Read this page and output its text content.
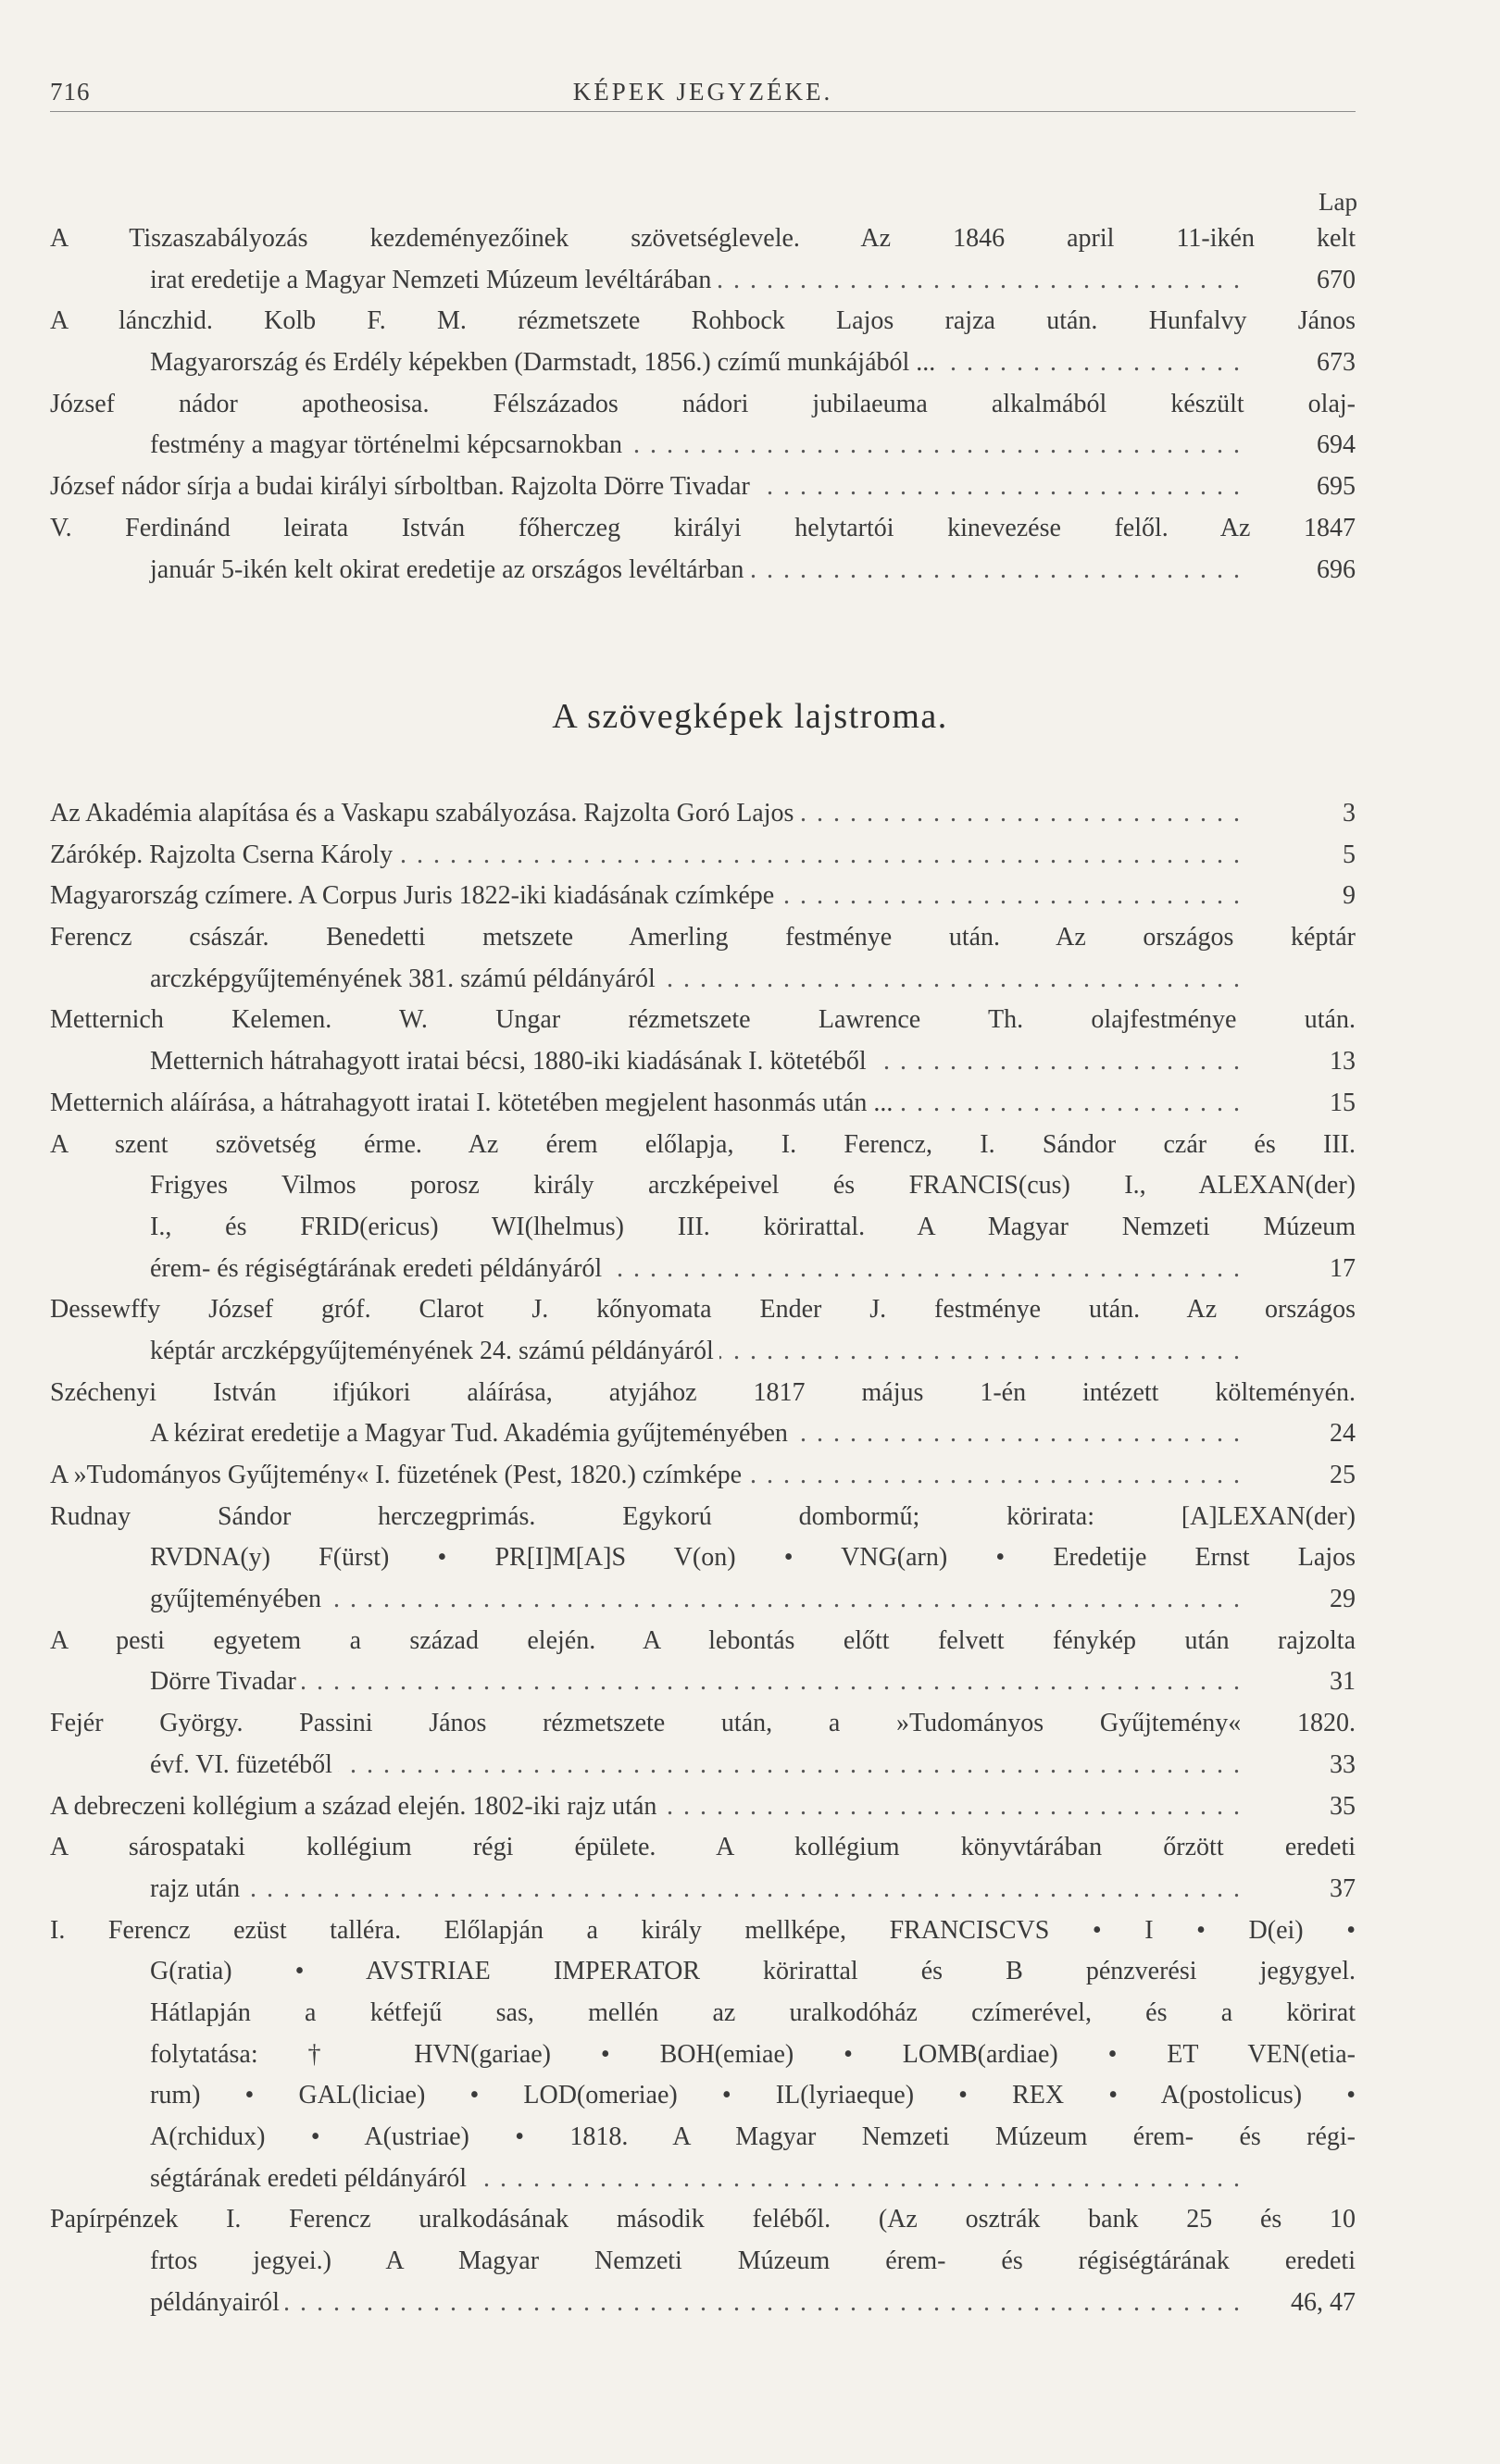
716	KÉPEK JEGYZÉKE.
Lap
A Tiszaszabályozás kezdeményezőinek szövetséglevele. Az 1846 april 11-ikén kelt
irat eredetije a Magyar Nemzeti Múzeum levéltárában	670
. . .
A lánczhid. Kolb F. M. rézmetszete Rohbock Lajos rajza után. Hunfalvy János
Magyarország és Erdély képekben (Darmstadt, 1856.) czímű munkájából ...	673
. . .
József nádor apotheosisa. Félszázados nádori jubilaeuma alkalmából készült olaj-
festmény a magyar történelmi képcsarnokban	694
. . .
József nádor sírja a budai királyi sírboltban. Rajzolta Dörre Tivadar	695
. . .
V. Ferdinánd leirata István főherczeg királyi helytartói kinevezése felől. Az 1847
január 5-ikén kelt okirat eredetije az országos levéltárban	696
. . .
A szövegképek lajstroma.
Az Akadémia alapítása és a Vaskapu szabályozása. Rajzolta Goró Lajos	3
. . .
Zárókép. Rajzolta Cserna Károly	5
. . .
Magyarország czímere. A Corpus Juris 1822-iki kiadásának czímképe	9
. . .
Ferencz császár. Benedetti metszete Amerling festménye után. Az országos képtár
arczképgyűjteményének 381. számú példányáról
. . .
Metternich Kelemen. W. Ungar rézmetszete Lawrence Th. olajfestménye után.
Metternich hátrahagyott iratai bécsi, 1880-iki kiadásának I. kötetéből	13
. . .
Metternich aláírása, a hátrahagyott iratai I. kötetében megjelent hasonmás után ...	15
. . .
A szent szövetség érme. Az érem előlapja, I. Ferencz, I. Sándor czár és III.
Frigyes Vilmos porosz király arczképeivel és FRANCIS(cus) I., ALEXAN(der)
I., és FRID(ericus) WI(lhelmus) III. körirattal. A Magyar Nemzeti Múzeum
érem- és régiségtárának eredeti példányáról	17
. . .
Dessewffy József gróf. Clarot J. kőnyomata Ender J. festménye után. Az országos
képtár arczképgyűjteményének 24. számú példányáról
. . .
Széchenyi István ifjúkori aláírása, atyjához 1817 május 1-én intézett költeményén.
A kézirat eredetije a Magyar Tud. Akadémia gyűjteményében	24
. . .
A »Tudományos Gyűjtemény« I. füzetének (Pest, 1820.) czímképe	25
. . .
Rudnay Sándor herczegprimás. Egykorú dombormű; körirata: [A]LEXAN(der)
RVDNA(y) F(ürst) • PR[I]M[A]S V(on) • VNG(arn) • Eredetije Ernst Lajos
gyűjteményében	29
. . .
A pesti egyetem a század elején. A lebontás előtt felvett fénykép után rajzolta
Dörre Tivadar	31
. . .
Fejér György. Passini János rézmetszete után, a »Tudományos Gyűjtemény« 1820.
évf. VI. füzetéből	33
. . .
A debreczeni kollégium a század elején. 1802-iki rajz után	35
. . .
A sárospataki kollégium régi épülete. A kollégium könyvtárában őrzött eredeti
rajz után	37
. . .
I. Ferencz ezüst tallérа. Előlapján a király mellképe, FRANCISCVS • I • D(ei) •
G(ratia) • AVSTRIAE IMPERATOR körirattal és B pénzverési jegygyel.
Hátlapján a kétfejű sas, mellén az uralkodóház czímerével, és a körirat
folytatása: † HVN(gariae) • BOH(emiae) • LOMB(ardiae) • ET VEN(etia-
rum) • GAL(liciae) • LOD(omeriae) • IL(lyriaeque) • REX • A(postolicus) •
A(rchidux) • A(ustriae) • 1818. A Magyar Nemzeti Múzeum érem- és régi-
ségtárának eredeti példányáról
. . .
Papírpénzek I. Ferencz uralkodásának második feléből. (Az osztrák bank 25 és 10
frtos jegyei.) A Magyar Nemzeti Múzeum érem- és régiségtárának eredeti
példányairól	46, 47
. . .
